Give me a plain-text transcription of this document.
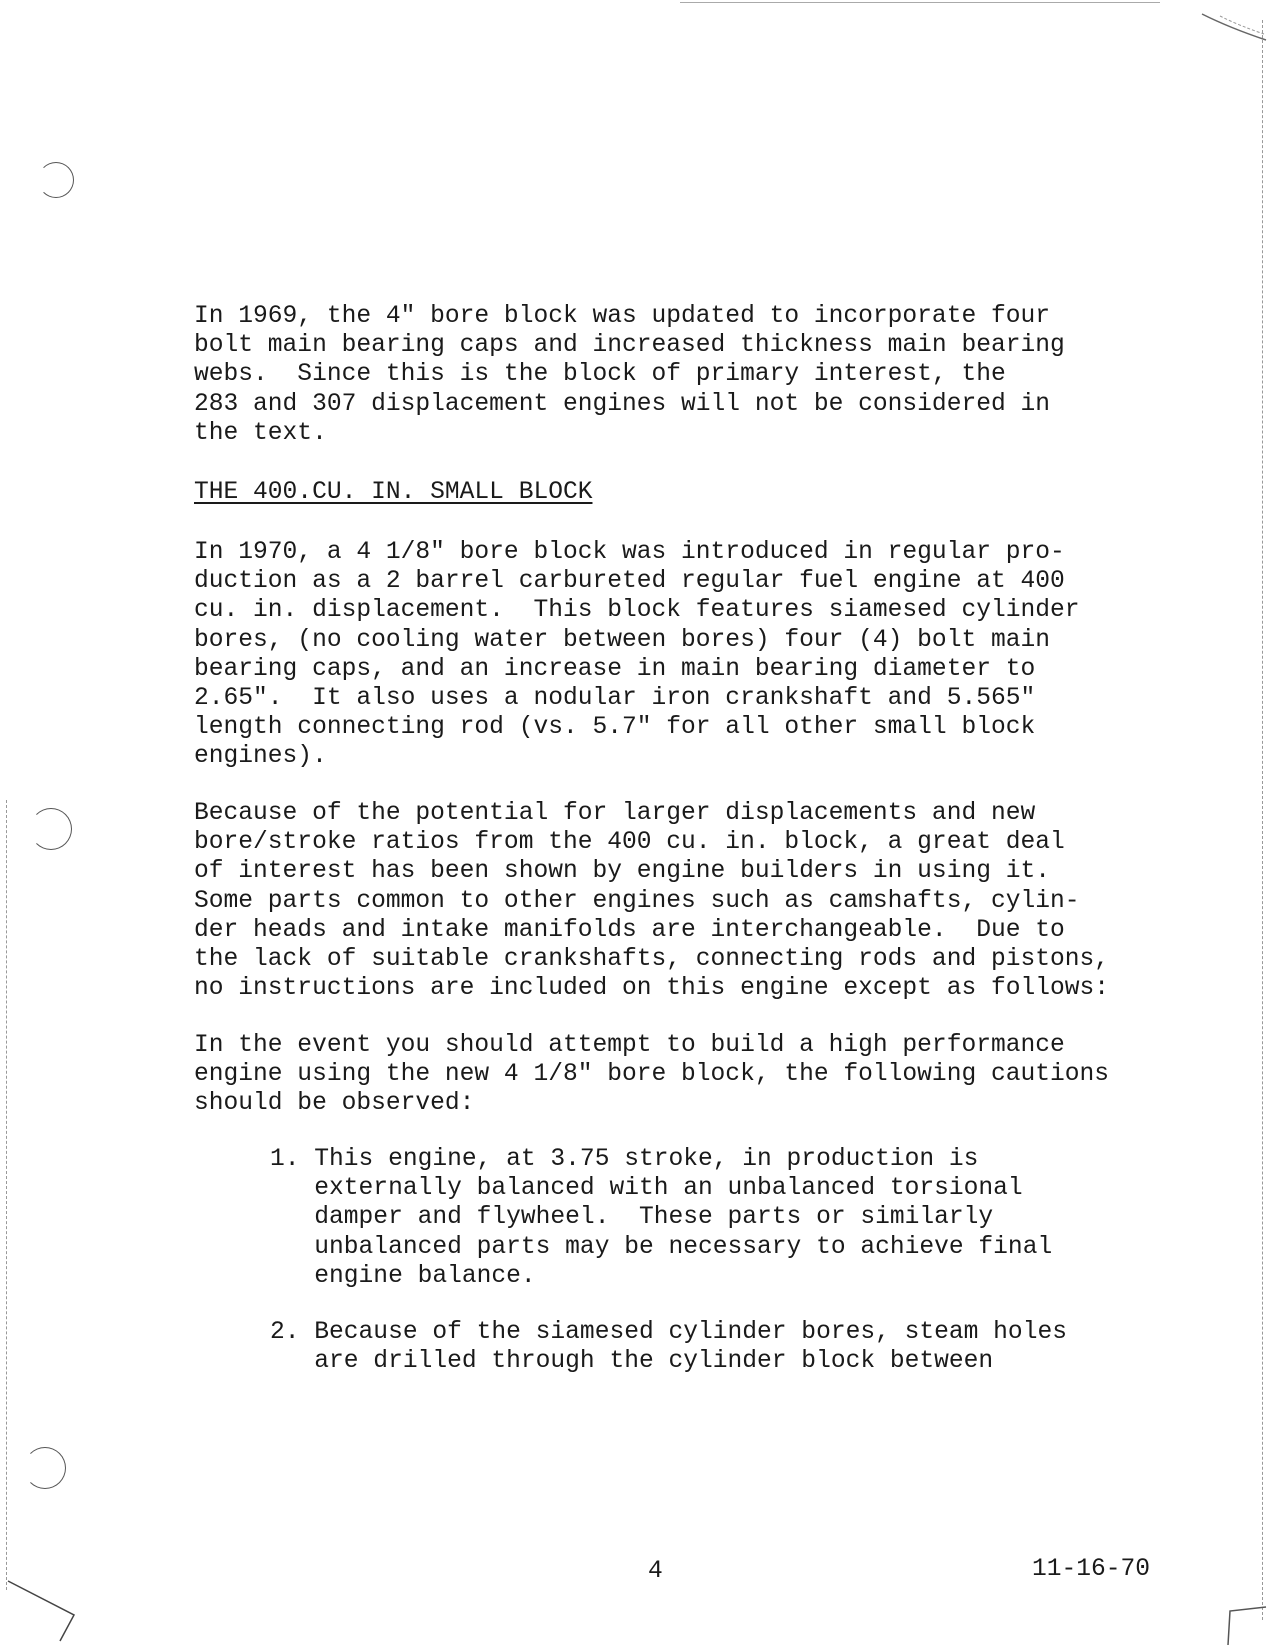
In 1969, the 4" bore block was updated to incorporate four
bolt main bearing caps and increased thickness main bearing
webs.  Since this is the block of primary interest, the
283 and 307 displacement engines will not be considered in
the text.

THE 400.CU. IN. SMALL BLOCK

In 1970, a 4 1/8" bore block was introduced in regular pro-
duction as a 2 barrel carbureted regular fuel engine at 400
cu. in. displacement.  This block features siamesed cylinder
bores, (no cooling water between bores) four (4) bolt main
bearing caps, and an increase in main bearing diameter to
2.65".  It also uses a nodular iron crankshaft and 5.565"
length connecting rod (vs. 5.7" for all other small block
engines).

Because of the potential for larger displacements and new
bore/stroke ratios from the 400 cu. in. block, a great deal
of interest has been shown by engine builders in using it.
Some parts common to other engines such as camshafts, cylin-
der heads and intake manifolds are interchangeable.  Due to
the lack of suitable crankshafts, connecting rods and pistons,
no instructions are included on this engine except as follows:

In the event you should attempt to build a high performance
engine using the new 4 1/8" bore block, the following cautions
should be observed:

1. This engine, at 3.75 stroke, in production is
externally balanced with an unbalanced torsional
damper and flywheel.  These parts or similarly
unbalanced parts may be necessary to achieve final
engine balance.

2. Because of the siamesed cylinder bores, steam holes
are drilled through the cylinder block between

4	11-16-70
